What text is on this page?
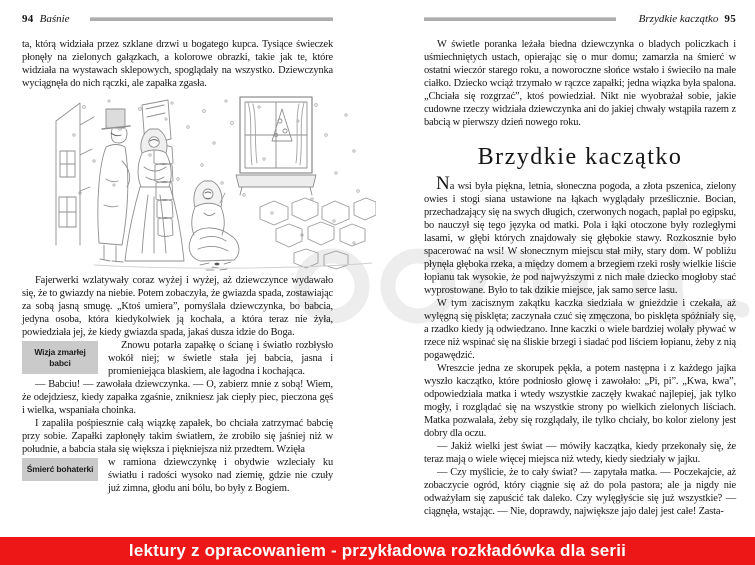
94 Baśnie

ta, którą widziała przez szklane drzwi u bogatego kupca. Tysiące świeczek płonęły na zielonych gałązkach, a kolorowe obrazki, takie jak te, które widziała na wystawach sklepowych, spoglądały na wszystko. Dziewczynka wyciągnęła do nich rączki, ale zapałka zgasła.

Fajerwerki wzlatywały coraz wyżej i wyżej, aż dziewczynce wydawało się, że to gwiazdy na niebie. Potem zobaczyła, że gwiazda spada, zostawiając za sobą jasną smugę. „Ktoś umiera”, pomyślała dziewczynka, bo babcia, jedyna osoba, która kiedykolwiek ją kochała, a która teraz nie żyła, powiedziała jej, że kiedy gwiazda spada, jakaś dusza idzie do Boga.

Wizja zmarłej babci
Znowu potarła zapałkę o ścianę i światło rozbłysło wokół niej; w świetle stała jej babcia, jasna i promieniejąca blaskiem, ale łagodna i kochająca.

— Babciu! — zawołała dziewczynka. — O, zabierz mnie z sobą! Wiem, że odejdziesz, kiedy zapałka zgaśnie, znikniesz jak ciepły piec, pieczona gęś i wielka, wspaniała choinka.

I zapaliła pośpiesznie całą wiązkę zapałek, bo chciała zatrzymać babcię przy sobie. Zapałki zapłonęły takim światłem, że zrobiło się jaśniej niż w południe, a babcia stała się większa i piękniejsza niż przedtem. Wzięła

Śmierć bohaterki
w ramiona dziewczynkę i obydwie wzleciały ku światłu i radości wysoko nad ziemię, gdzie nie czuły już zimna, głodu ani bólu, bo były z Bogiem.

Brzydkie kaczątko 95

W świetle poranka leżała biedna dziewczynka o bladych policzkach i uśmiechniętych ustach, opierając się o mur domu; zamarzła na śmierć w ostatni wieczór starego roku, a noworoczne słońce wstało i świeciło na małe ciałko. Dziecko wciąż trzymało w rączce zapałki; jedna wiązka była spalona. „Chciała się rozgrzać”, ktoś powiedział. Nikt nie wyobrażał sobie, jakie cudowne rzeczy widziała dziewczynka ani do jakiej chwały wstąpiła razem z babcią w pierwszy dzień nowego roku.

Brzydkie kaczątko

Na wsi była piękna, letnia, słoneczna pogoda, a złota pszenica, zielony owies i stogi siana ustawione na łąkach wyglądały prześlicznie. Bocian, przechadzający się na swych długich, czerwonych nogach, paplał po egipsku, bo nauczył się tego języka od matki. Pola i łąki otoczone były rozległymi lasami, w głębi których znajdowały się głębokie stawy. Rozkosznie było spacerować na wsi! W słonecznym miejscu stał miły, stary dom. W pobliżu płynęła głęboka rzeka, a między domem a brzegiem rzeki rosły wielkie liście łopianu tak wysokie, że pod najwyższymi z nich małe dziecko mogłoby stać wyprostowane. Było to tak dzikie miejsce, jak samo serce lasu.

W tym zacisznym zakątku kaczka siedziała w gnieździe i czekała, aż wylęgną się pisklęta; zaczynała czuć się zmęczona, bo pisklęta spóźniały się, a rzadko kiedy ją odwiedzano. Inne kaczki o wiele bardziej wolały pływać w rzece niż wspinać się na śliskie brzegi i siadać pod liściem łopianu, żeby z nią pogawędzić.

Wreszcie jedna ze skorupek pękła, a potem następna i z każdego jajka wyszło kaczątko, które podniosło głowę i zawołało: „Pi, pi”. „Kwa, kwa”, odpowiedziała matka i wtedy wszystkie zaczęły kwakać najlepiej, jak tylko mogły, i rozglądać się na wszystkie strony po wielkich zielonych liściach. Matka pozwalała, żeby się rozglądały, ile tylko chciały, bo kolor zielony jest dobry dla oczu.

— Jakiż wielki jest świat — mówiły kaczątka, kiedy przekonały się, że teraz mają o wiele więcej miejsca niż wtedy, kiedy siedziały w jajku.

— Czy myślicie, że to cały świat? — zapytała matka. — Poczekajcie, aż zobaczycie ogród, który ciągnie się aż do pola pastora; ale ja nigdy nie odważyłam się zapuścić tak daleko. Czy wylęgłyście się już wszystkie? — ciągnęła, wstając. — Nie, doprawdy, największe jajo dalej jest całe! Zasta-

lektury z opracowaniem - przykładowa rozkładówka dla serii
